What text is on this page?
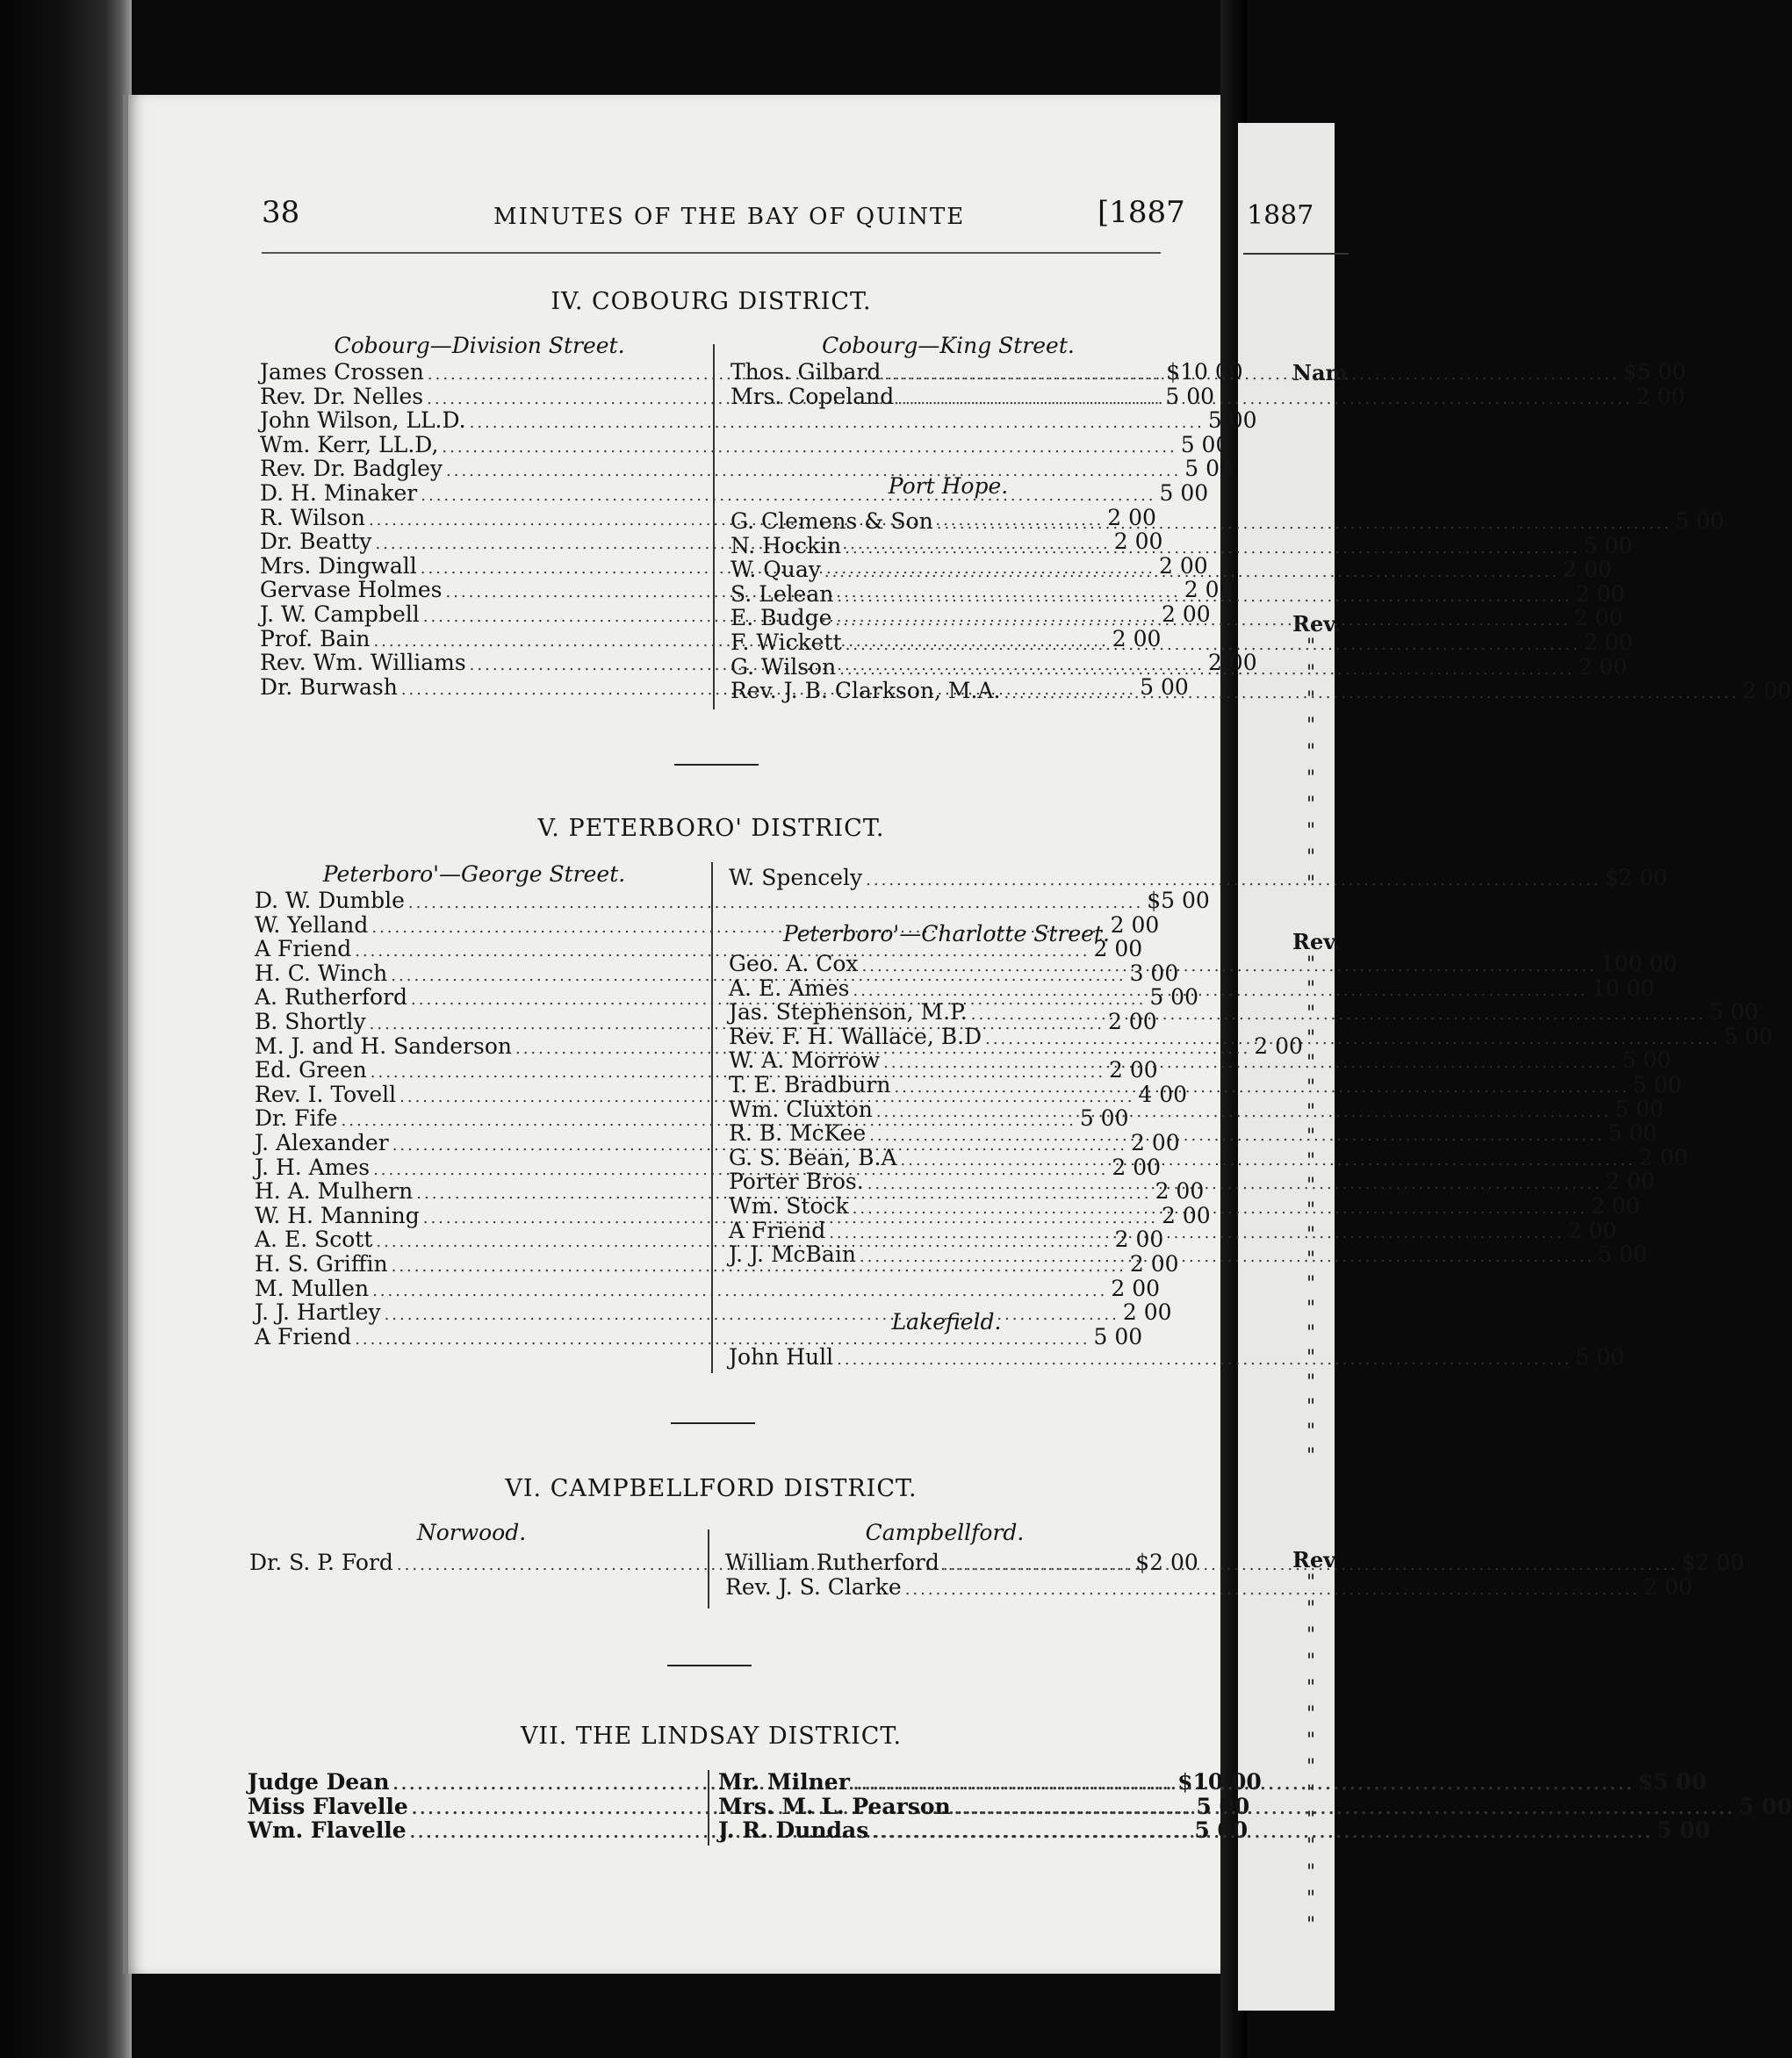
1887
Nam
Rev.
"
"
"
"
"
"
"
"
"
"
Rev.
"
"
"
"
"
"
"
"
"
"
"
"
"
"
"
"
"
"
"
"
"
Rev
"
"
"
"
"
"
"
"
"
"
"
"
"
"
38	MINUTES OF THE BAY OF QUINTE	[1887
IV. COBOURG DISTRICT.
Cobourg—Division Street.
James Crossen .....	$10 00
Rev. Dr. Nelles .....	5 00
John Wilson, LL.D. .....	5 00
Wm. Kerr, LL.D, .....	5 00
Rev. Dr. Badgley .....	5 00
D. H. Minaker .....	5 00
R. Wilson .....	2 00
Dr. Beatty .....	2 00
Mrs. Dingwall .....	2 00
Gervase Holmes .....	2 00
J. W. Campbell .....	2 00
Prof. Bain .....	2 00
Rev. Wm. Williams .....	2 00
Dr. Burwash .....	5 00
Cobourg—King Street.
Thos. Gilbard .....	$5 00
Mrs. Copeland .....	2 00
Port Hope.
G. Clemens & Son .....	5 00
N. Hockin .....	5 00
W. Quay .....	2 00
S. Lelean .....	2 00
E. Budge .....	2 00
F. Wickett .....	2 00
G. Wilson .....	2 00
Rev. J. B. Clarkson, M.A. .....	2 00
V. PETERBORO' DISTRICT.
Peterboro'—George Street.
D. W. Dumble .....	$5 00
W. Yelland .....	2 00
A Friend .....	2 00
H. C. Winch .....	3 00
A. Rutherford .....	5 00
B. Shortly .....	2 00
M. J. and H. Sanderson .....	2 00
Ed. Green .....	2 00
Rev. I. Tovell .....	4 00
Dr. Fife .....	5 00
J. Alexander .....	2 00
J. H. Ames .....	2 00
H. A. Mulhern .....	2 00
W. H. Manning .....	2 00
A. E. Scott .....	2 00
H. S. Griffin .....	2 00
M. Mullen .....	2 00
J. J. Hartley .....	2 00
A Friend .....	5 00
W. Spencely .....	$2 00
Peterboro'—Charlotte Street.
Geo. A. Cox .....	100 00
A. E. Ames .....	10 00
Jas. Stephenson, M.P. .....	5 00
Rev. F. H. Wallace, B.D .....	5 00
W. A. Morrow .....	5 00
T. E. Bradburn .....	5 00
Wm. Cluxton .....	5 00
R. B. McKee .....	5 00
G. S. Bean, B.A .....	2 00
Porter Bros. .....	2 00
Wm. Stock .....	2 00
A Friend .....	2 00
J. J. McBain .....	5 00
Lakefield.
John Hull .....	5 00
VI. CAMPBELLFORD DISTRICT.
Norwood.
Dr. S. P. Ford .....	$2 00
Campbellford.
William Rutherford .....	$2 00
Rev. J. S. Clarke .....	2 00
VII. THE LINDSAY DISTRICT.
Judge Dean .....	$10 00
Miss Flavelle .....	5 00
Wm. Flavelle .....	5 00
Mr. Milner .....	$5 00
Mrs. M. L. Pearson .....	5 00
J. R. Dundas .....	5 00
